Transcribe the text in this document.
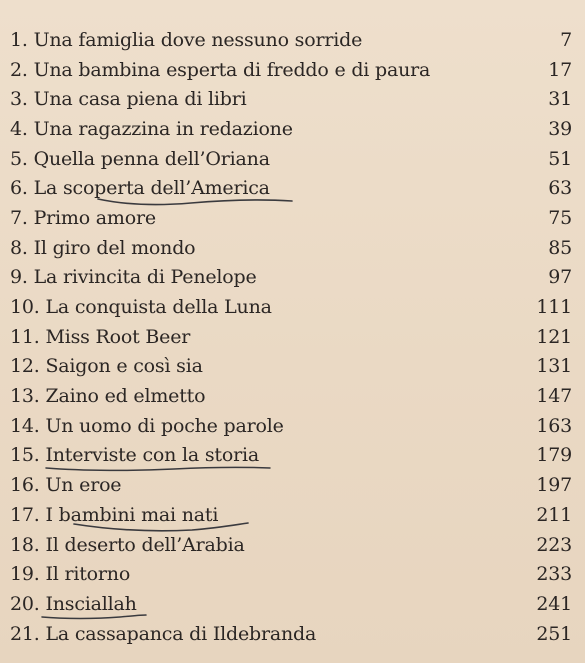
1. Una famiglia dove nessuno sorride	7
2. Una bambina esperta di freddo e di paura	17
3. Una casa piena di libri	31
4. Una ragazzina in redazione	39
5. Quella penna dell’Oriana	51
6. La scoperta dell’America	63
7. Primo amore	75
8. Il giro del mondo	85
9. La rivincita di Penelope	97
10. La conquista della Luna	111
11. Miss Root Beer	121
12. Saigon e così sia	131
13. Zaino ed elmetto	147
14. Un uomo di poche parole	163
15. Interviste con la storia	179
16. Un eroe	197
17. I bambini mai nati	211
18. Il deserto dell’Arabia	223
19. Il ritorno	233
20. Insciallah	241
21. La cassapanca di Ildebranda	251
